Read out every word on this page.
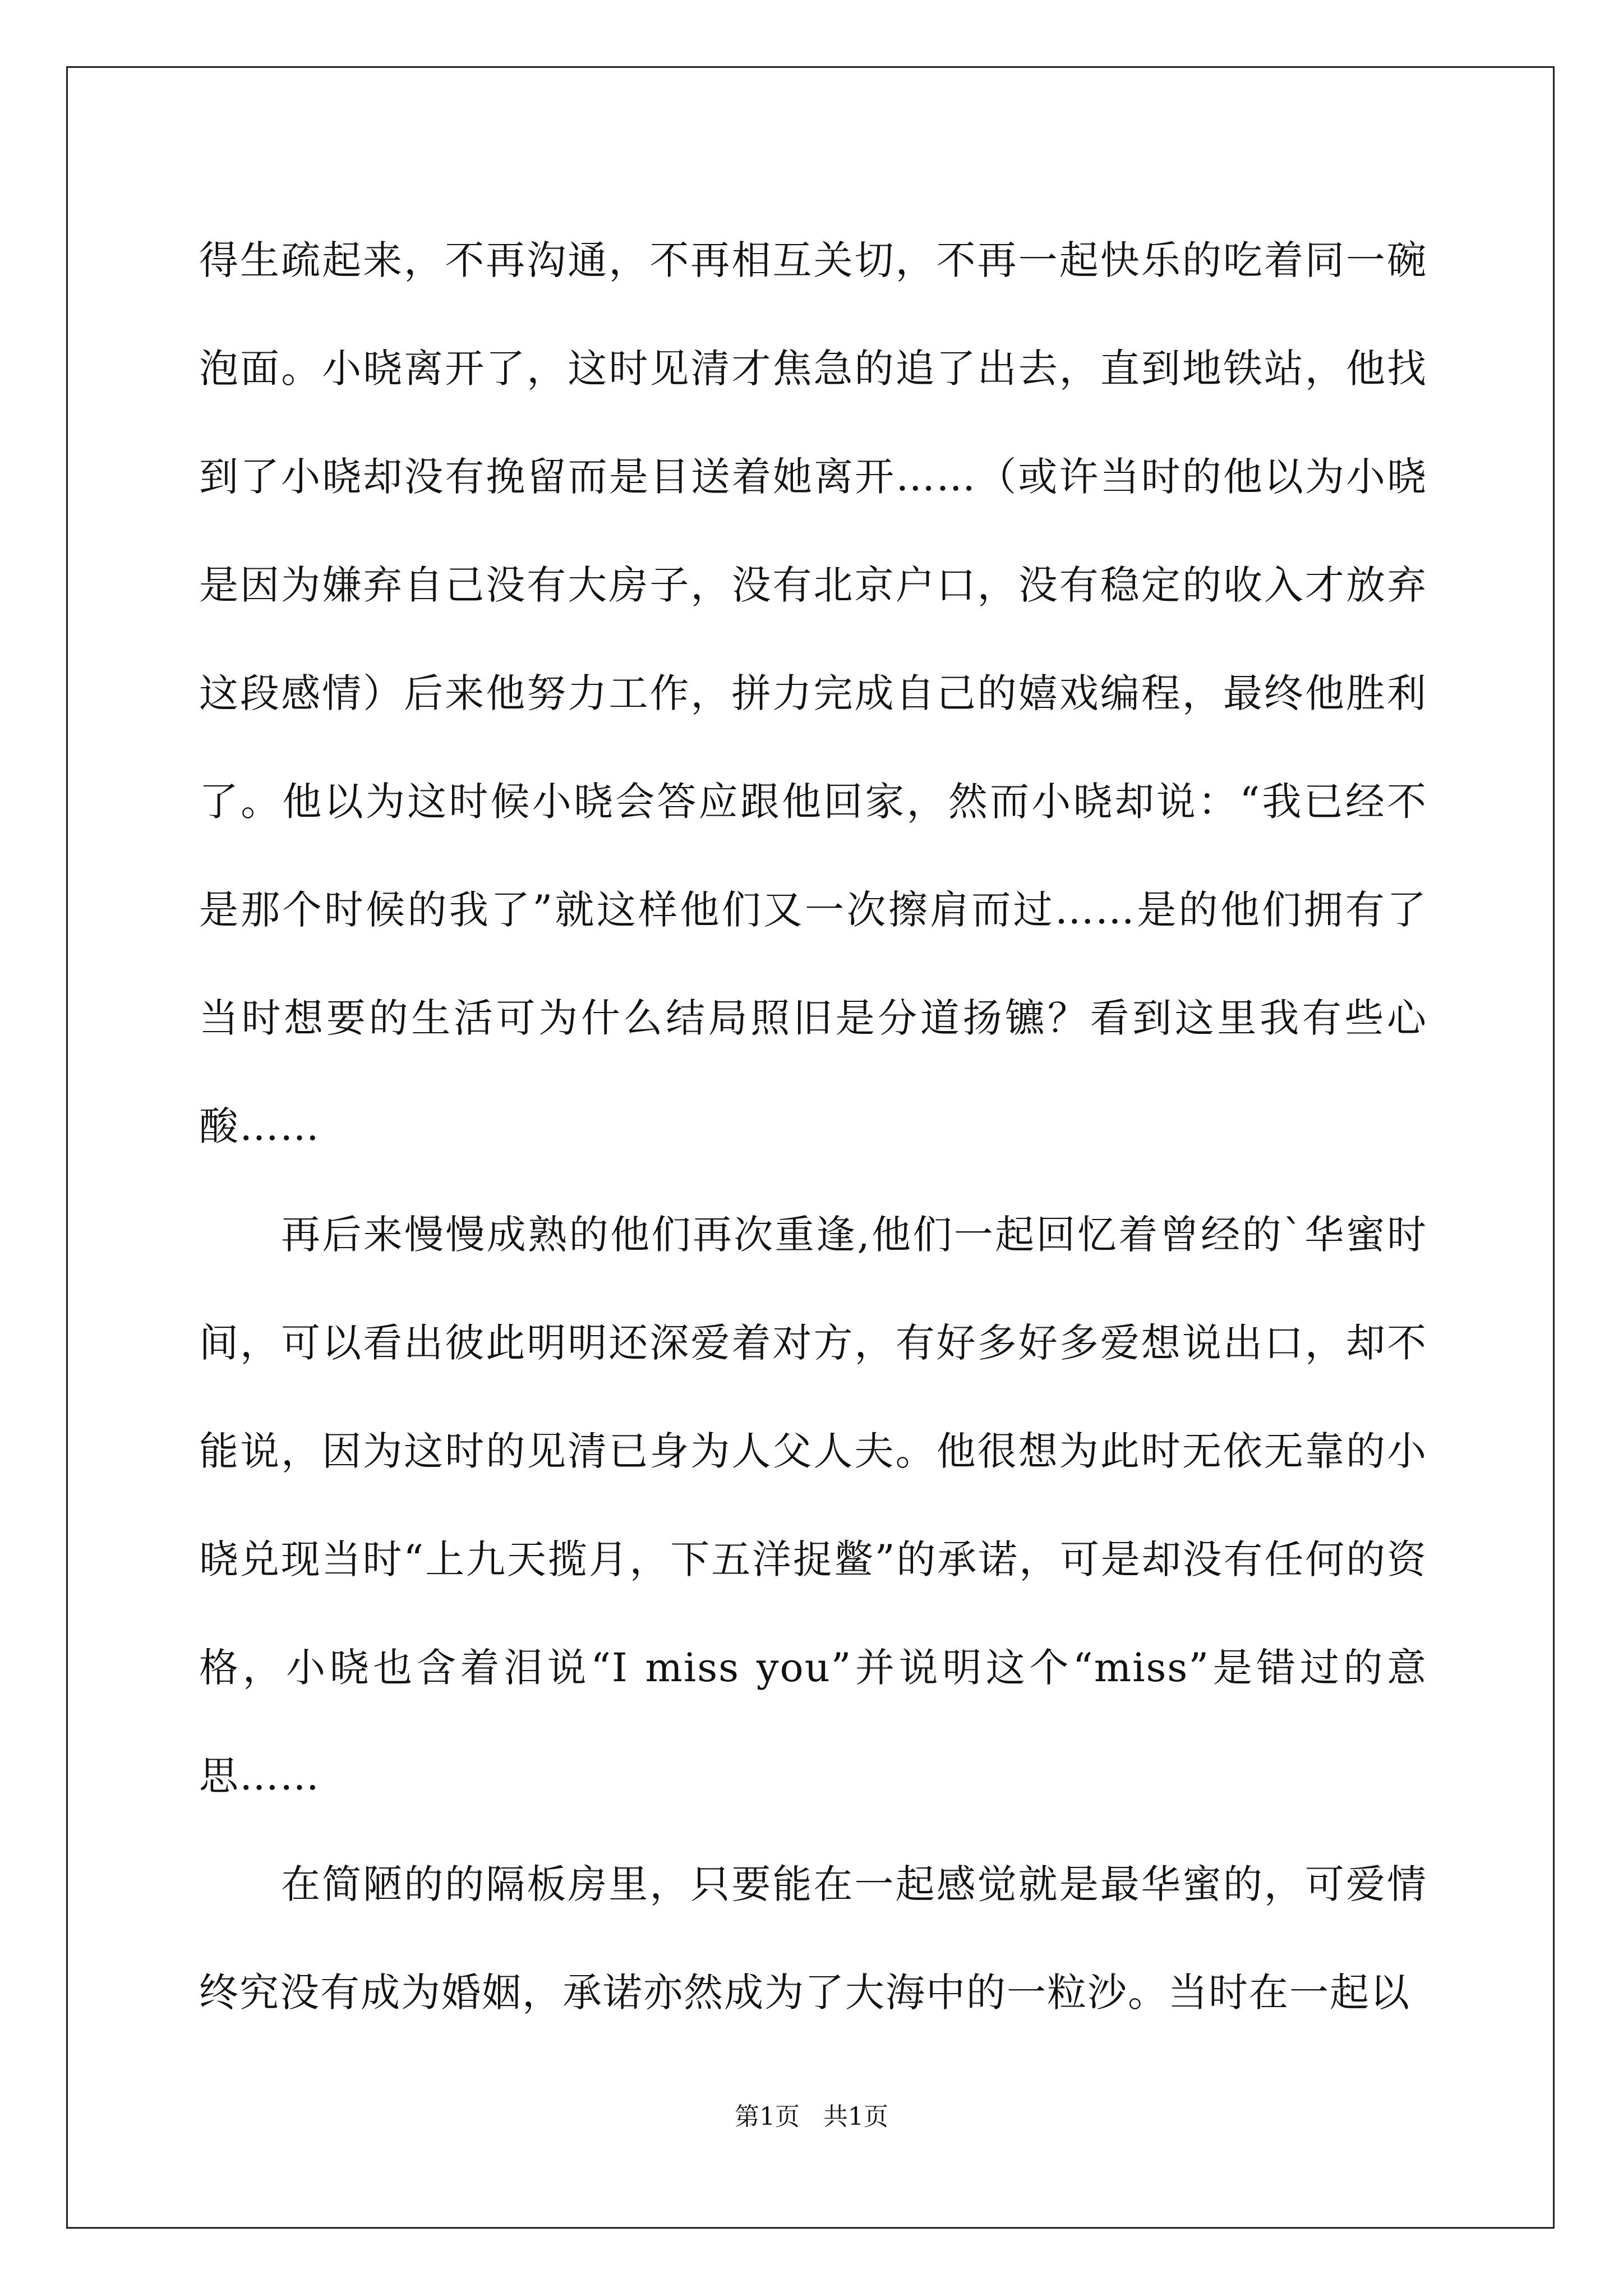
得生疏起来，不再沟通，不再相互关切，不再一起快乐的吃着同一碗泡面。小晓离开了，这时见清才焦急的追了出去，直到地铁站，他找到了小晓却没有挽留而是目送着她离开……（或许当时的他以为小晓是因为嫌弃自己没有大房子，没有北京户口，没有稳定的收入才放弃这段感情）后来他努力工作，拼力完成自己的嬉戏编程，最终他胜利了。他以为这时候小晓会答应跟他回家，然而小晓却说：“我已经不是那个时候的我了”就这样他们又一次擦肩而过……是的他们拥有了当时想要的生活可为什么结局照旧是分道扬镳？看到这里我有些心酸……

再后来慢慢成熟的他们再次重逢,他们一起回忆着曾经的`华蜜时间，可以看出彼此明明还深爱着对方，有好多好多爱想说出口，却不能说，因为这时的见清已身为人父人夫。他很想为此时无依无靠的小晓兑现当时“上九天揽月，下五洋捉鳖”的承诺，可是却没有任何的资格，小晓也含着泪说“I miss you”并说明这个“miss”是错过的意思……

在简陋的的隔板房里，只要能在一起感觉就是最华蜜的，可爱情终究没有成为婚姻，承诺亦然成为了大海中的一粒沙。当时在一起以

第1页 共1页
